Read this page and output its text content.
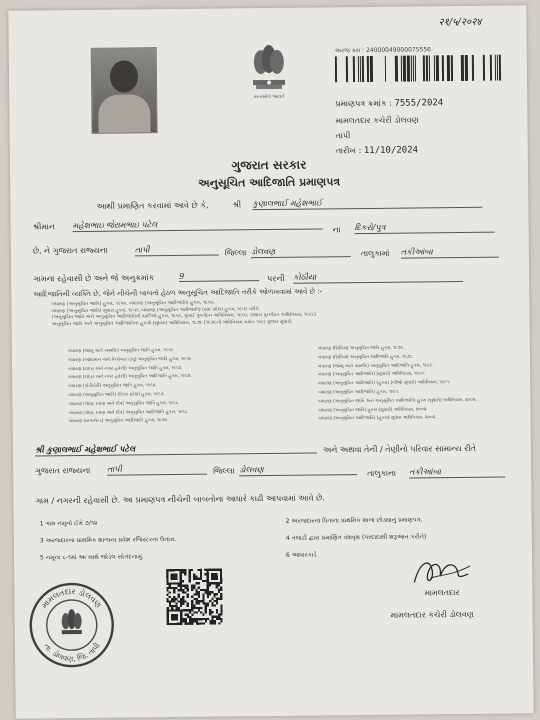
२१/५/२०२४
સત્યમેવ જયતે
અરજ ક્રમ : 24000049000075556
પ્રમાણપત્ર ક્રમાંક : 7555/2024
મામલતદાર કચેરી ડોલવણ
તાપી
તારીખ : 11/10/2024
ગુજરાત સરકાર
અનુસૂચિત આદિજાતિ પ્રમાણપત્ર
આથી પ્રમાણિત કરવામાં આવે છે કે,	શ્રી કુણાલભાઈ મહેશભાઈ
શ્રીમાન મહેશભાઇ જેરામભાઇ પટેલ	ના દિકરો/પુત્ર
છે, ને ગુજરાત રાજ્યના	તાપી	જિલ્લા ડોલવણ	તાલુકામાં તકીઆંબા
ગામના રહેવાસી છે અને જે અનુક્રમાંક	9	પરની કોઠીયા
આદિજાતિની વ્યક્તિ છે, જેને નીચેની બાબતો હેઠળ અનુસૂચિત આદિજાતિ તરીકે ઓળખવામાં આવે છે :-
બંધારણ (અનુસૂચિત જાતિ) હુકમ, ૧૯૫૦, બંધારણ (અનુસૂચિત આદિજાતિ) હુકમ, ૧૯૫૦.
બંધારણ (અનુસૂચિત જાતિ) સુધારા હુકમ, ૧૯૫૧, બંધારણ (અનુસૂચિત આદિજાતિ) (સંઘ પ્રદેશ) હુકમ, ૧૯૫૧ તરીકે.
(અનુસૂચિત જાતિ અને અનુસૂચિત આદિજાતિની યાદીઓ હુકમ, ૧૯૫૬, મુંબઈ પુનર્ગઠન અધિનિયમ, ૧૯૬૦, પંજાબ પુનર્ગઠન અધિનિયમ, ૧૯૬૬).
અનુસૂચિત જાતિ અને અનુસૂચિત આદિજાતિના હુકમો (સુધારા) અધિનિયમ, ૧૯૭૬ (૧૯૭૬નો અધિનિયમ ક્રમાંક ૧૦૮) મુજબ સુધારો.
બંધારણ (જમ્મુ અને કાશ્મીર) અનુસૂચિત જાતિ હુકમ, ૧૯૫૬.
બંધારણ (આંદામાન અને નિકોબાર ટાપુ) અનુસૂચિત જાતિ હુકમ, ૧૯૫૯.
બંધારણ (દાદરા અને નગર હવેલી) અનુસૂચિત જાતિ હુકમ, ૧૯૬૨.
બંધારણ (દાદરા અને નગર હવેલી) અનુસૂચિત આદિજાતિ હુકમ, ૧૯૬૨.
બંધારણ (પોંડીચેરી) અનુસૂચિત જાતિ હુકમ, ૧૯૬૪.
બંધારણ (અનુસૂચિત જાતિ) (ઉત્તર પ્રદેશ) હુકમ, ૧૯૬૭.
બંધારણ (ગોવા, દમણ અને દીવ) અનુસૂચિત જાતિ હુકમ, ૧૯૬૮.
બંધારણ (ગોવા, દમણ અને દીવ) અનુસૂચિત આદિજાતિ હુકમ, ૧૯૬૮.
બંધારણ (નાગાલેન્ડ) અનુસૂચિત આદિજાતિ હુકમ, ૧૯૭૦.
બંધારણ (સિક્કિમ) અનુસૂચિત જાતિ હુકમ, ૧૯૭૮.
બંધારણ (સિક્કિમ) અનુસૂચિત આદિજાતિ હુકમ, ૧૯૭૮.
બંધારણ (જમ્મુ અને કાશ્મીર) અનુસૂચિત આદિજાતિ હુકમ, ૧૯૮૯.
બંધારણ (અનુસૂચિત આદિજાતિ) (સુધારો) અધિનિયમ, ૧૯૯૦.
બંધારણ (અનુસૂચિત આદિજાતિ) (હુકમ) (બીજો સુધારો) અધિનિયમ, ૧૯૯૧.
બંધારણ (અનુસૂચિત આદિજાતિ) હુકમ, ૧૯૯૧.
બંધારણ (અનુસૂચિત જાતિ અને અનુસૂચિત આદિજાતિ) હુકમ (સુધારો) અધિનિયમ, ૨૦૦૨.
બંધારણ (અનુસૂચિત જાતિ) હુકમ (સુધારો) અધિનિયમ, ૨૦૦૨.
બંધારણ (અનુસૂચિત આદિજાતિ) (હુકમ) સુધારા અધિનિયમ, ૨૦૦૨.
શ્રી કુણાલભાઈ મહેશભાઈ પટેલ	અને અથવા તેની / તેણીનો પરિવાર સામાન્ય રીતે
ગુજરાત રાજ્યના તાપી	જિલ્લા ડોલવણ	તાલુકાના તકીઆંબા
ગામ / નગરની રહેવાસી છે. આ પ્રમાણપત્ર નીચેની બાબતોના આધારે કાઢી આપવામાં આવે છે.
1 ગામ નમૂનો ઈમે ૭/૧૨	2 અરજદારના પિતાના પ્રાથમિક શાળા છોડ્યાનું પ્રમાણપત્ર.
3 અરજદારના પ્રાથમિક શાળાના પ્રવેશ રજિસ્ટરના ઉતારા.	4 તલાટી દ્વારા પ્રમાણિત વંશવૃક્ષ (પરદાદાથી શરૂઆત કરીને)
5 નમૂના ૬-૧માં આ સાથે જોડેલ સોગંદનામું.	6 આધારકાર્ડ
મામલતદાર ડોલવણ
તા. ડોલવણ, જિ. તાપી
મામલતદાર
મામલતદાર કચેરી ડોલવણ
